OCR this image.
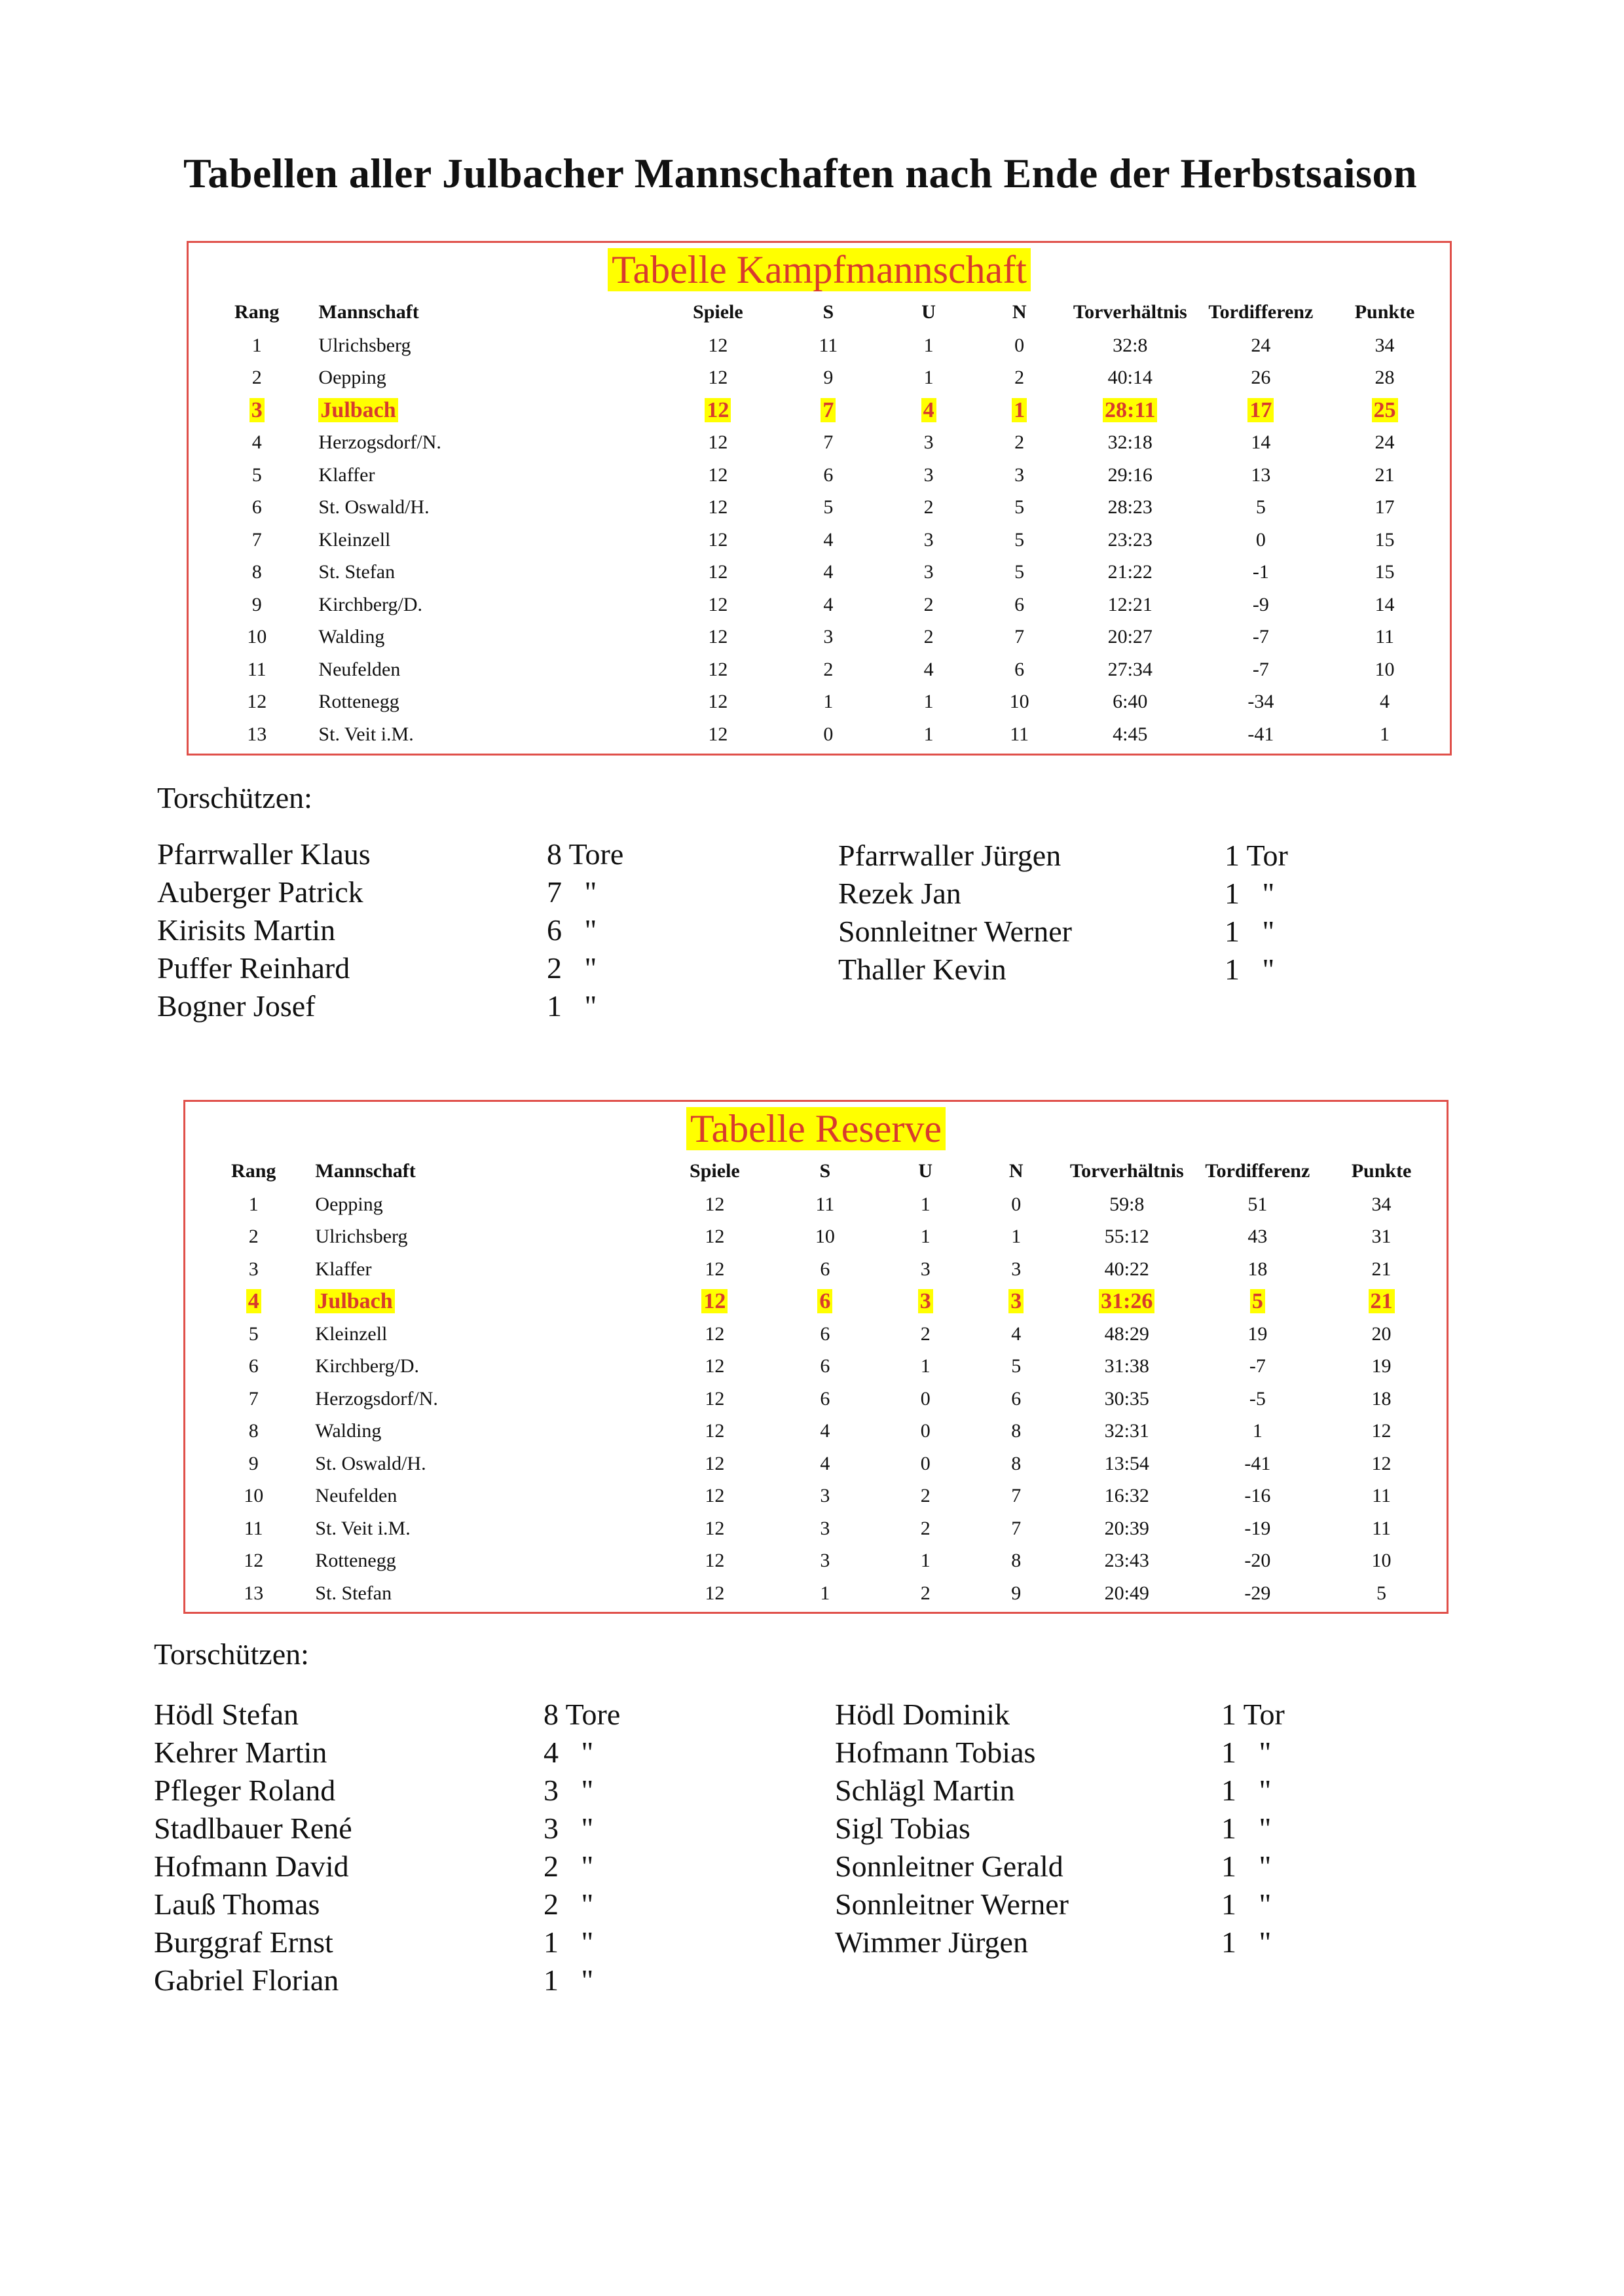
Tabellen aller Julbacher Mannschaften nach Ende der Herbstsaison
Tabelle Kampfmannschaft
Rang	Mannschaft	Spiele	S	U	N	Torverhältnis	Tordifferenz	Punkte
1	Ulrichsberg	12	11	1	0	32:8	24	34
2	Oepping	12	9	1	2	40:14	26	28
3	Julbach	12	7	4	1	28:11	17	25
4	Herzogsdorf/N.	12	7	3	2	32:18	14	24
5	Klaffer	12	6	3	3	29:16	13	21
6	St. Oswald/H.	12	5	2	5	28:23	5	17
7	Kleinzell	12	4	3	5	23:23	0	15
8	St. Stefan	12	4	3	5	21:22	-1	15
9	Kirchberg/D.	12	4	2	6	12:21	-9	14
10	Walding	12	3	2	7	20:27	-7	11
11	Neufelden	12	2	4	6	27:34	-7	10
12	Rottenegg	12	1	1	10	6:40	-34	4
13	St. Veit i.M.	12	0	1	11	4:45	-41	1
Torschützen:
Pfarrwaller Klaus	8 Tore
Auberger Patrick	7   "
Kirisits Martin	6   "
Puffer Reinhard	2   "
Bogner Josef	1   "
Pfarrwaller Jürgen	1 Tor
Rezek Jan	1   "
Sonnleitner Werner	1   "
Thaller Kevin	1   "
Tabelle Reserve
Rang	Mannschaft	Spiele	S	U	N	Torverhältnis	Tordifferenz	Punkte
1	Oepping	12	11	1	0	59:8	51	34
2	Ulrichsberg	12	10	1	1	55:12	43	31
3	Klaffer	12	6	3	3	40:22	18	21
4	Julbach	12	6	3	3	31:26	5	21
5	Kleinzell	12	6	2	4	48:29	19	20
6	Kirchberg/D.	12	6	1	5	31:38	-7	19
7	Herzogsdorf/N.	12	6	0	6	30:35	-5	18
8	Walding	12	4	0	8	32:31	1	12
9	St. Oswald/H.	12	4	0	8	13:54	-41	12
10	Neufelden	12	3	2	7	16:32	-16	11
11	St. Veit i.M.	12	3	2	7	20:39	-19	11
12	Rottenegg	12	3	1	8	23:43	-20	10
13	St. Stefan	12	1	2	9	20:49	-29	5
Torschützen:
Hödl Stefan	8 Tore
Kehrer Martin	4   "
Pfleger Roland	3   "
Stadlbauer René	3   "
Hofmann David	2   "
Lauß Thomas	2   "
Burggraf Ernst	1   "
Gabriel Florian	1   "
Hödl Dominik	1 Tor
Hofmann Tobias	1   "
Schlägl Martin	1   "
Sigl Tobias	1   "
Sonnleitner Gerald	1   "
Sonnleitner Werner	1   "
Wimmer Jürgen	1   "
